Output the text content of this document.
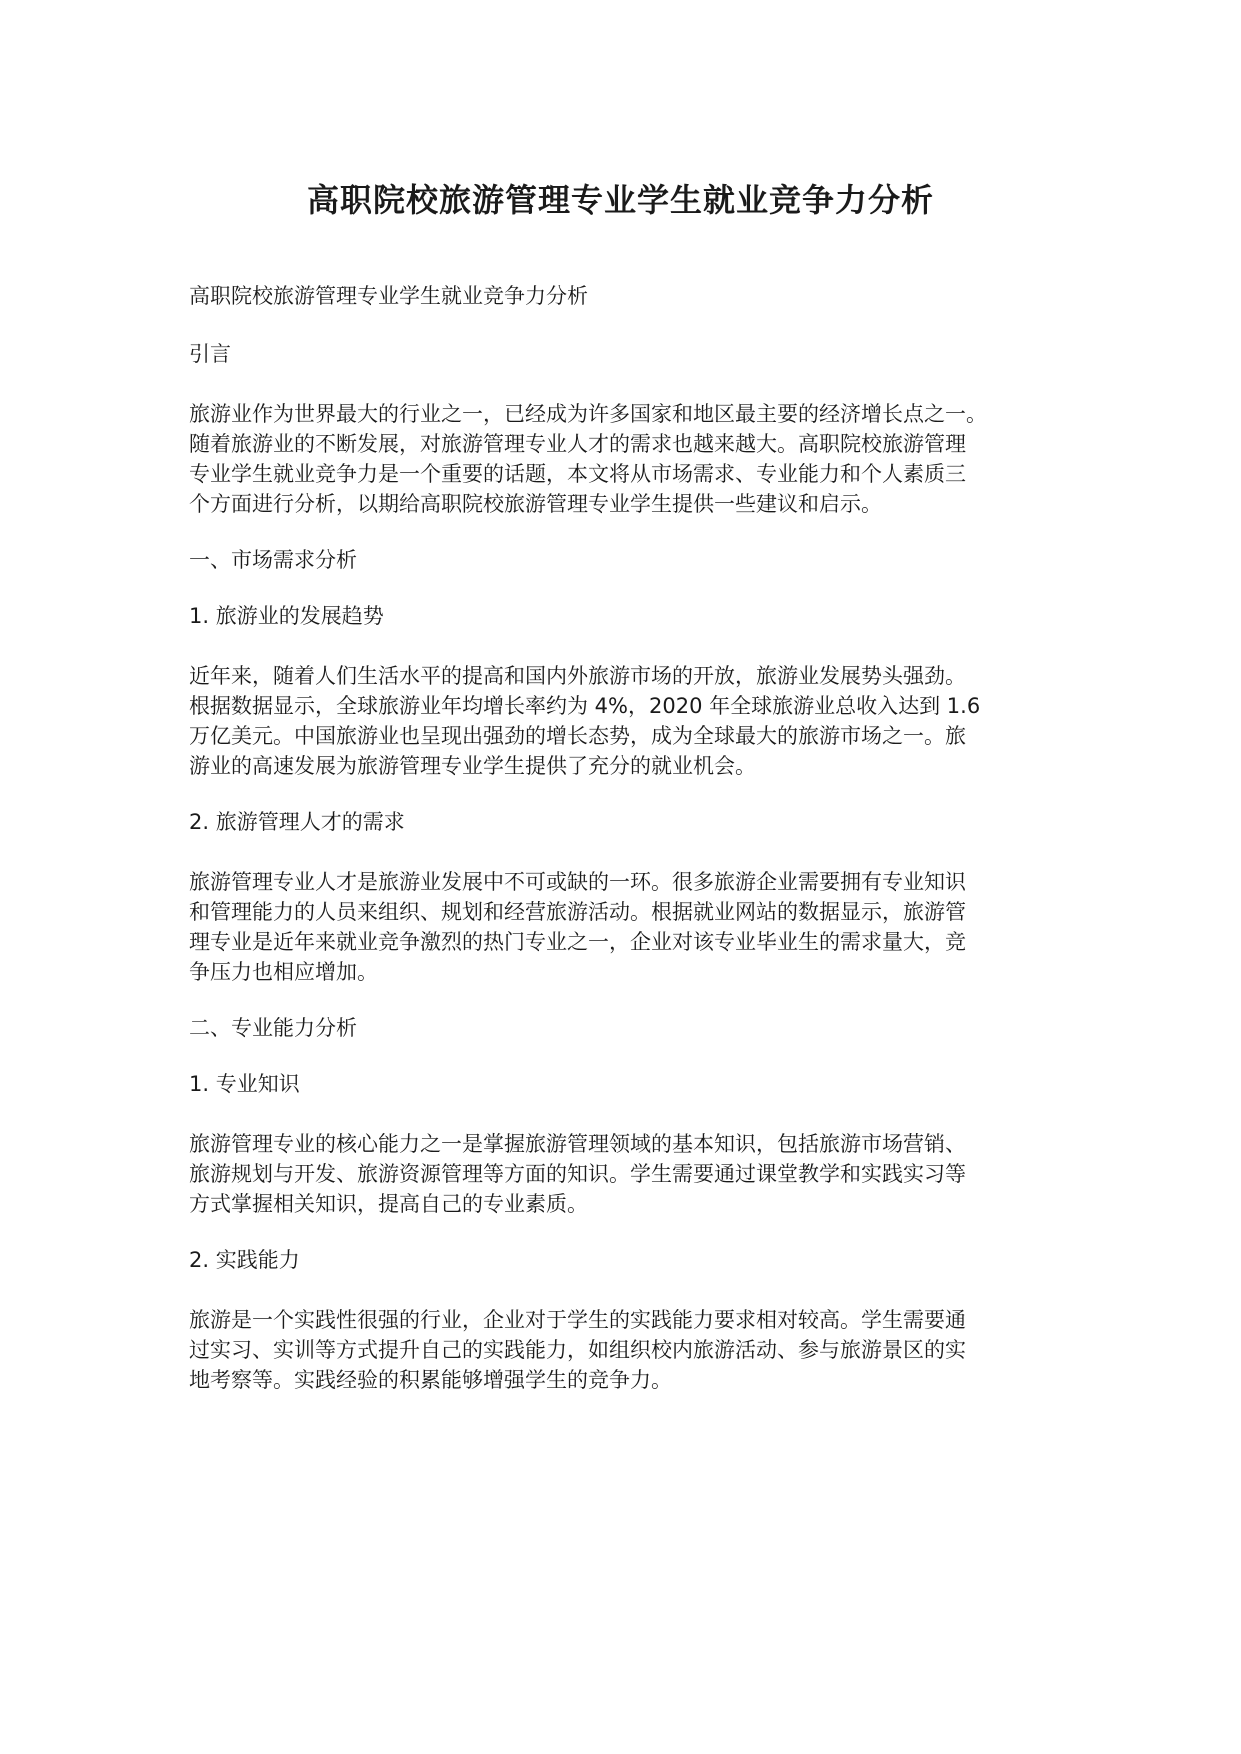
高职院校旅游管理专业学生就业竞争力分析
高职院校旅游管理专业学生就业竞争力分析
引言
旅游业作为世界最大的行业之一，已经成为许多国家和地区最主要的经济增长点之一。
随着旅游业的不断发展，对旅游管理专业人才的需求也越来越大。高职院校旅游管理
专业学生就业竞争力是一个重要的话题，本文将从市场需求、专业能力和个人素质三
个方面进行分析，以期给高职院校旅游管理专业学生提供一些建议和启示。
一、市场需求分析
1. 旅游业的发展趋势
近年来，随着人们生活水平的提高和国内外旅游市场的开放，旅游业发展势头强劲。
根据数据显示，全球旅游业年均增长率约为 4%，2020 年全球旅游业总收入达到 1.6
万亿美元。中国旅游业也呈现出强劲的增长态势，成为全球最大的旅游市场之一。旅
游业的高速发展为旅游管理专业学生提供了充分的就业机会。
2. 旅游管理人才的需求
旅游管理专业人才是旅游业发展中不可或缺的一环。很多旅游企业需要拥有专业知识
和管理能力的人员来组织、规划和经营旅游活动。根据就业网站的数据显示，旅游管
理专业是近年来就业竞争激烈的热门专业之一，企业对该专业毕业生的需求量大，竞
争压力也相应增加。
二、专业能力分析
1. 专业知识
旅游管理专业的核心能力之一是掌握旅游管理领域的基本知识，包括旅游市场营销、
旅游规划与开发、旅游资源管理等方面的知识。学生需要通过课堂教学和实践实习等
方式掌握相关知识，提高自己的专业素质。
2. 实践能力
旅游是一个实践性很强的行业，企业对于学生的实践能力要求相对较高。学生需要通
过实习、实训等方式提升自己的实践能力，如组织校内旅游活动、参与旅游景区的实
地考察等。实践经验的积累能够增强学生的竞争力。
